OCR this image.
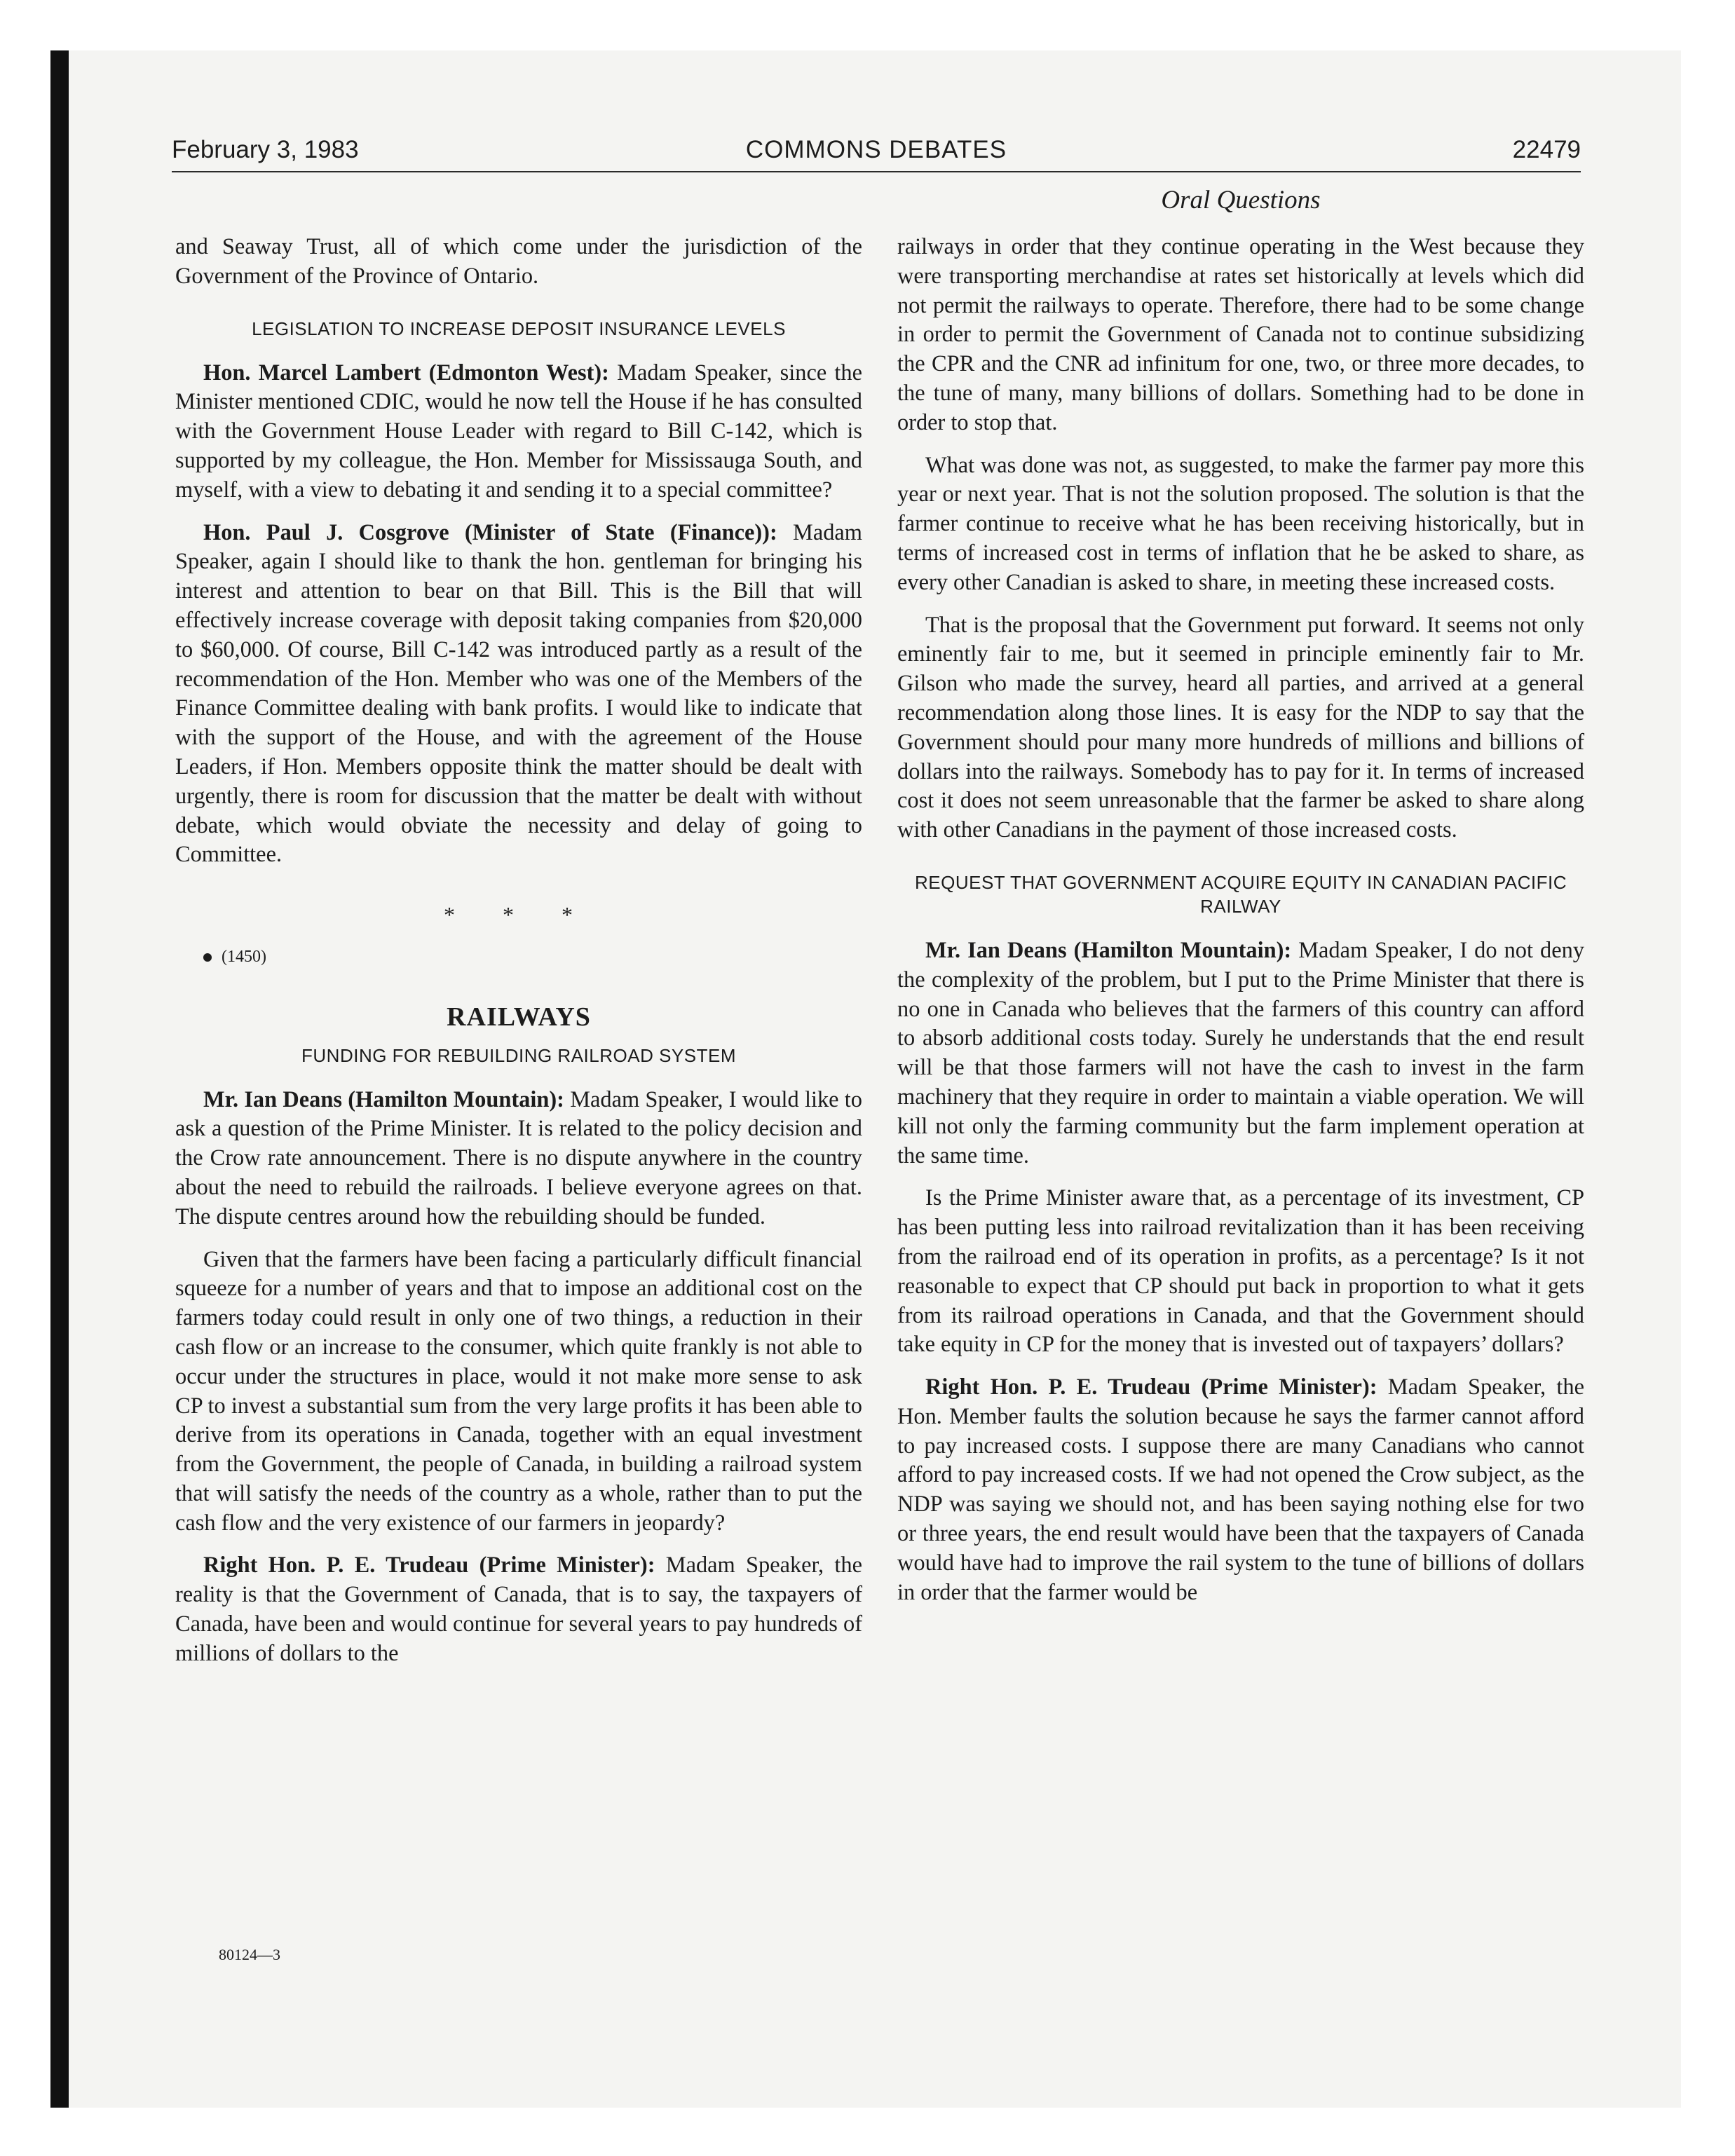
February 3, 1983	COMMONS DEBATES	22479
Oral Questions

and Seaway Trust, all of which come under the jurisdiction of the Government of the Province of Ontario.

LEGISLATION TO INCREASE DEPOSIT INSURANCE LEVELS

Hon. Marcel Lambert (Edmonton West): Madam Speaker, since the Minister mentioned CDIC, would he now tell the House if he has consulted with the Government House Leader with regard to Bill C-142, which is supported by my colleague, the Hon. Member for Mississauga South, and myself, with a view to debating it and sending it to a special committee?

Hon. Paul J. Cosgrove (Minister of State (Finance)): Madam Speaker, again I should like to thank the hon. gentleman for bringing his interest and attention to bear on that Bill. This is the Bill that will effectively increase coverage with deposit taking companies from $20,000 to $60,000. Of course, Bill C-142 was introduced partly as a result of the recommendation of the Hon. Member who was one of the Members of the Finance Committee dealing with bank profits. I would like to indicate that with the support of the House, and with the agreement of the House Leaders, if Hon. Members opposite think the matter should be dealt with urgently, there is room for discussion that the matter be dealt with without debate, which would obviate the necessity and delay of going to Committee.

* * *

(1450)

RAILWAYS
FUNDING FOR REBUILDING RAILROAD SYSTEM

Mr. Ian Deans (Hamilton Mountain): Madam Speaker, I would like to ask a question of the Prime Minister. It is related to the policy decision and the Crow rate announcement. There is no dispute anywhere in the country about the need to rebuild the railroads. I believe everyone agrees on that. The dispute centres around how the rebuilding should be funded.

Given that the farmers have been facing a particularly difficult financial squeeze for a number of years and that to impose an additional cost on the farmers today could result in only one of two things, a reduction in their cash flow or an increase to the consumer, which quite frankly is not able to occur under the structures in place, would it not make more sense to ask CP to invest a substantial sum from the very large profits it has been able to derive from its operations in Canada, together with an equal investment from the Government, the people of Canada, in building a railroad system that will satisfy the needs of the country as a whole, rather than to put the cash flow and the very existence of our farmers in jeopardy?

Right Hon. P. E. Trudeau (Prime Minister): Madam Speaker, the reality is that the Government of Canada, that is to say, the taxpayers of Canada, have been and would continue for several years to pay hundreds of millions of dollars to the

railways in order that they continue operating in the West because they were transporting merchandise at rates set historically at levels which did not permit the railways to operate. Therefore, there had to be some change in order to permit the Government of Canada not to continue subsidizing the CPR and the CNR ad infinitum for one, two, or three more decades, to the tune of many, many billions of dollars. Something had to be done in order to stop that.

What was done was not, as suggested, to make the farmer pay more this year or next year. That is not the solution proposed. The solution is that the farmer continue to receive what he has been receiving historically, but in terms of increased cost in terms of inflation that he be asked to share, as every other Canadian is asked to share, in meeting these increased costs.

That is the proposal that the Government put forward. It seems not only eminently fair to me, but it seemed in principle eminently fair to Mr. Gilson who made the survey, heard all parties, and arrived at a general recommendation along those lines. It is easy for the NDP to say that the Government should pour many more hundreds of millions and billions of dollars into the railways. Somebody has to pay for it. In terms of increased cost it does not seem unreasonable that the farmer be asked to share along with other Canadians in the payment of those increased costs.

REQUEST THAT GOVERNMENT ACQUIRE EQUITY IN CANADIAN PACIFIC RAILWAY

Mr. Ian Deans (Hamilton Mountain): Madam Speaker, I do not deny the complexity of the problem, but I put to the Prime Minister that there is no one in Canada who believes that the farmers of this country can afford to absorb additional costs today. Surely he understands that the end result will be that those farmers will not have the cash to invest in the farm machinery that they require in order to maintain a viable operation. We will kill not only the farming community but the farm implement operation at the same time.

Is the Prime Minister aware that, as a percentage of its investment, CP has been putting less into railroad revitalization than it has been receiving from the railroad end of its operation in profits, as a percentage? Is it not reasonable to expect that CP should put back in proportion to what it gets from its railroad operations in Canada, and that the Government should take equity in CP for the money that is invested out of taxpayers’ dollars?

Right Hon. P. E. Trudeau (Prime Minister): Madam Speaker, the Hon. Member faults the solution because he says the farmer cannot afford to pay increased costs. I suppose there are many Canadians who cannot afford to pay increased costs. If we had not opened the Crow subject, as the NDP was saying we should not, and has been saying nothing else for two or three years, the end result would have been that the taxpayers of Canada would have had to improve the rail system to the tune of billions of dollars in order that the farmer would be

80124—3
